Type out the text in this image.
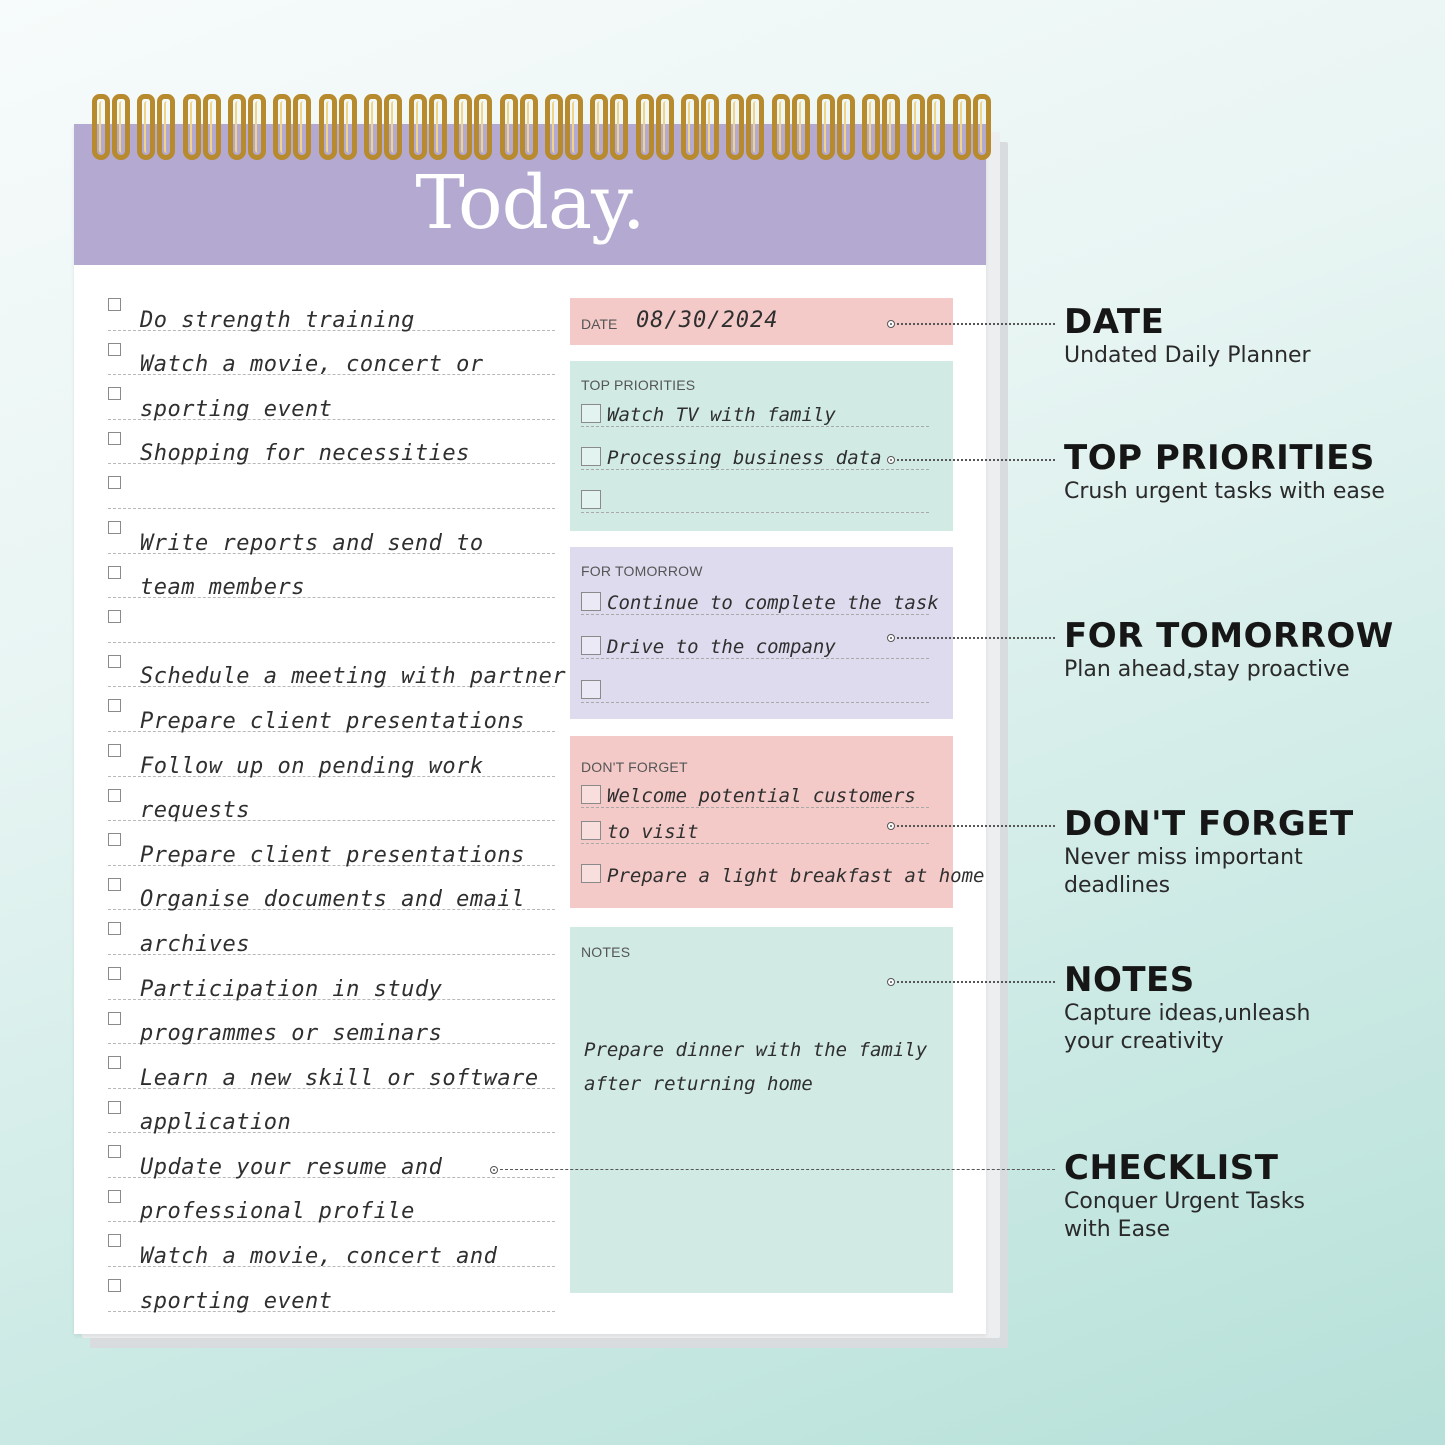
Today.
Do strength training
Watch a movie, concert or
sporting event
Shopping for necessities
Write reports and send to
team members
Schedule a meeting with partner
Prepare client presentations
Follow up on pending work
requests
Prepare client presentations
Organise documents and email
archives
Participation in study
programmes or seminars
Learn a new skill or software
application
Update your resume and
professional profile
Watch a movie, concert and
sporting event
DATE 08/30/2024
TOP PRIORITIES
Watch TV with family
Processing business data
FOR TOMORROW
Continue to complete the task
Drive to the company
DON'T FORGET
Welcome potential customers
to visit
Prepare a light breakfast at home
NOTES
Prepare dinner with the family
after returning home
DATE
Undated Daily Planner
TOP PRIORITIES
Crush urgent tasks with ease
FOR TOMORROW
Plan ahead,stay proactive
DON'T FORGET
Never miss important
deadlines
NOTES
Capture ideas,unleash
your creativity
CHECKLIST
Conquer Urgent Tasks
with Ease
